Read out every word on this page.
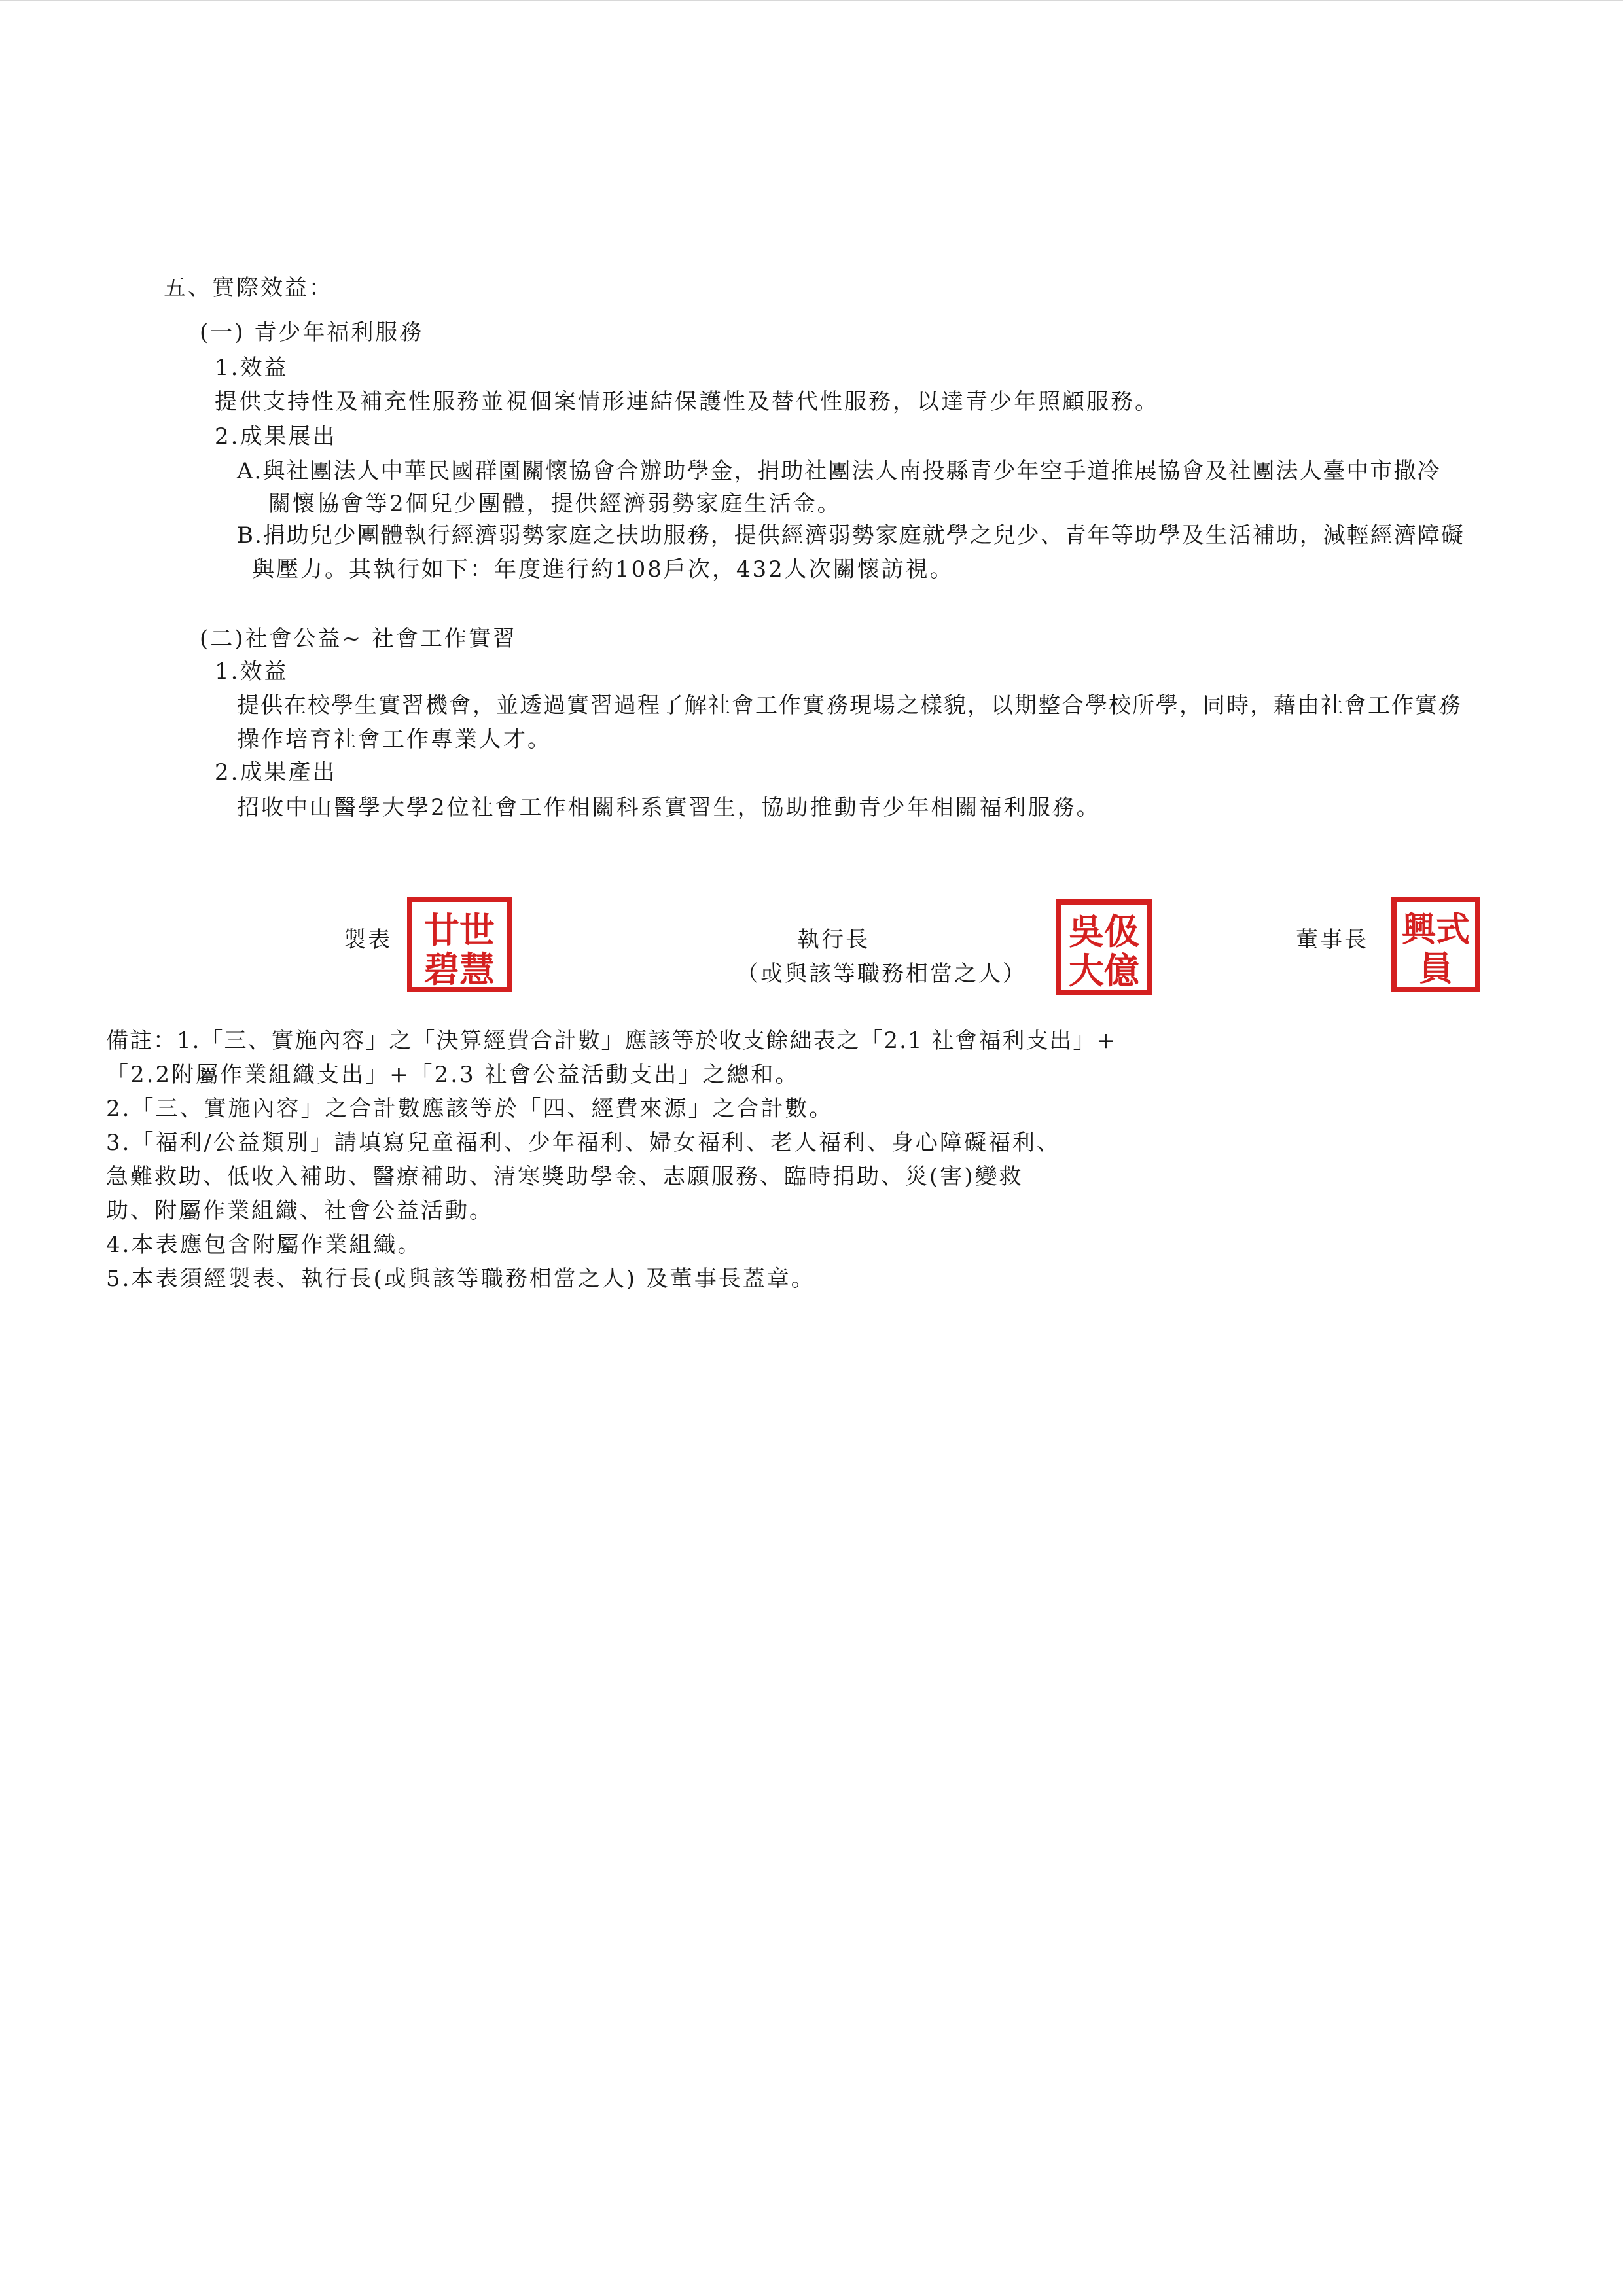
五、實際效益：
(一) 青少年福利服務
1.效益
提供支持性及補充性服務並視個案情形連結保護性及替代性服務，以達青少年照顧服務。
2.成果展出
A.與社團法人中華民國群園關懷協會合辦助學金，捐助社團法人南投縣青少年空手道推展協會及社團法人臺中市撒冷
關懷協會等2個兒少團體，提供經濟弱勢家庭生活金。
B.捐助兒少團體執行經濟弱勢家庭之扶助服務，提供經濟弱勢家庭就學之兒少、青年等助學及生活補助，減輕經濟障礙
與壓力。其執行如下：年度進行約108戶次，432人次關懷訪視。
(二)社會公益~ 社會工作實習
1.效益
提供在校學生實習機會，並透過實習過程了解社會工作實務現場之樣貌，以期整合學校所學，同時，藉由社會工作實務
操作培育社會工作專業人才。
2.成果產出
招收中山醫學大學2位社會工作相關科系實習生，協助推動青少年相關福利服務。
製表 廿世
碧慧
執行長
（或與該等職務相當之人）
吳伋
大億
董事長 興式
員
備註：1.「三、實施內容」之「決算經費合計數」應該等於收支餘絀表之「2.1 社會福利支出」+
「2.2附屬作業組織支出」+「2.3 社會公益活動支出」之總和。
2.「三、實施內容」之合計數應該等於「四、經費來源」之合計數。
3.「福利/公益類別」請填寫兒童福利、少年福利、婦女福利、老人福利、身心障礙福利、
急難救助、低收入補助、醫療補助、清寒獎助學金、志願服務、臨時捐助、災(害)變救
助、附屬作業組織、社會公益活動。
4.本表應包含附屬作業組織。
5.本表須經製表、執行長(或與該等職務相當之人) 及董事長蓋章。
